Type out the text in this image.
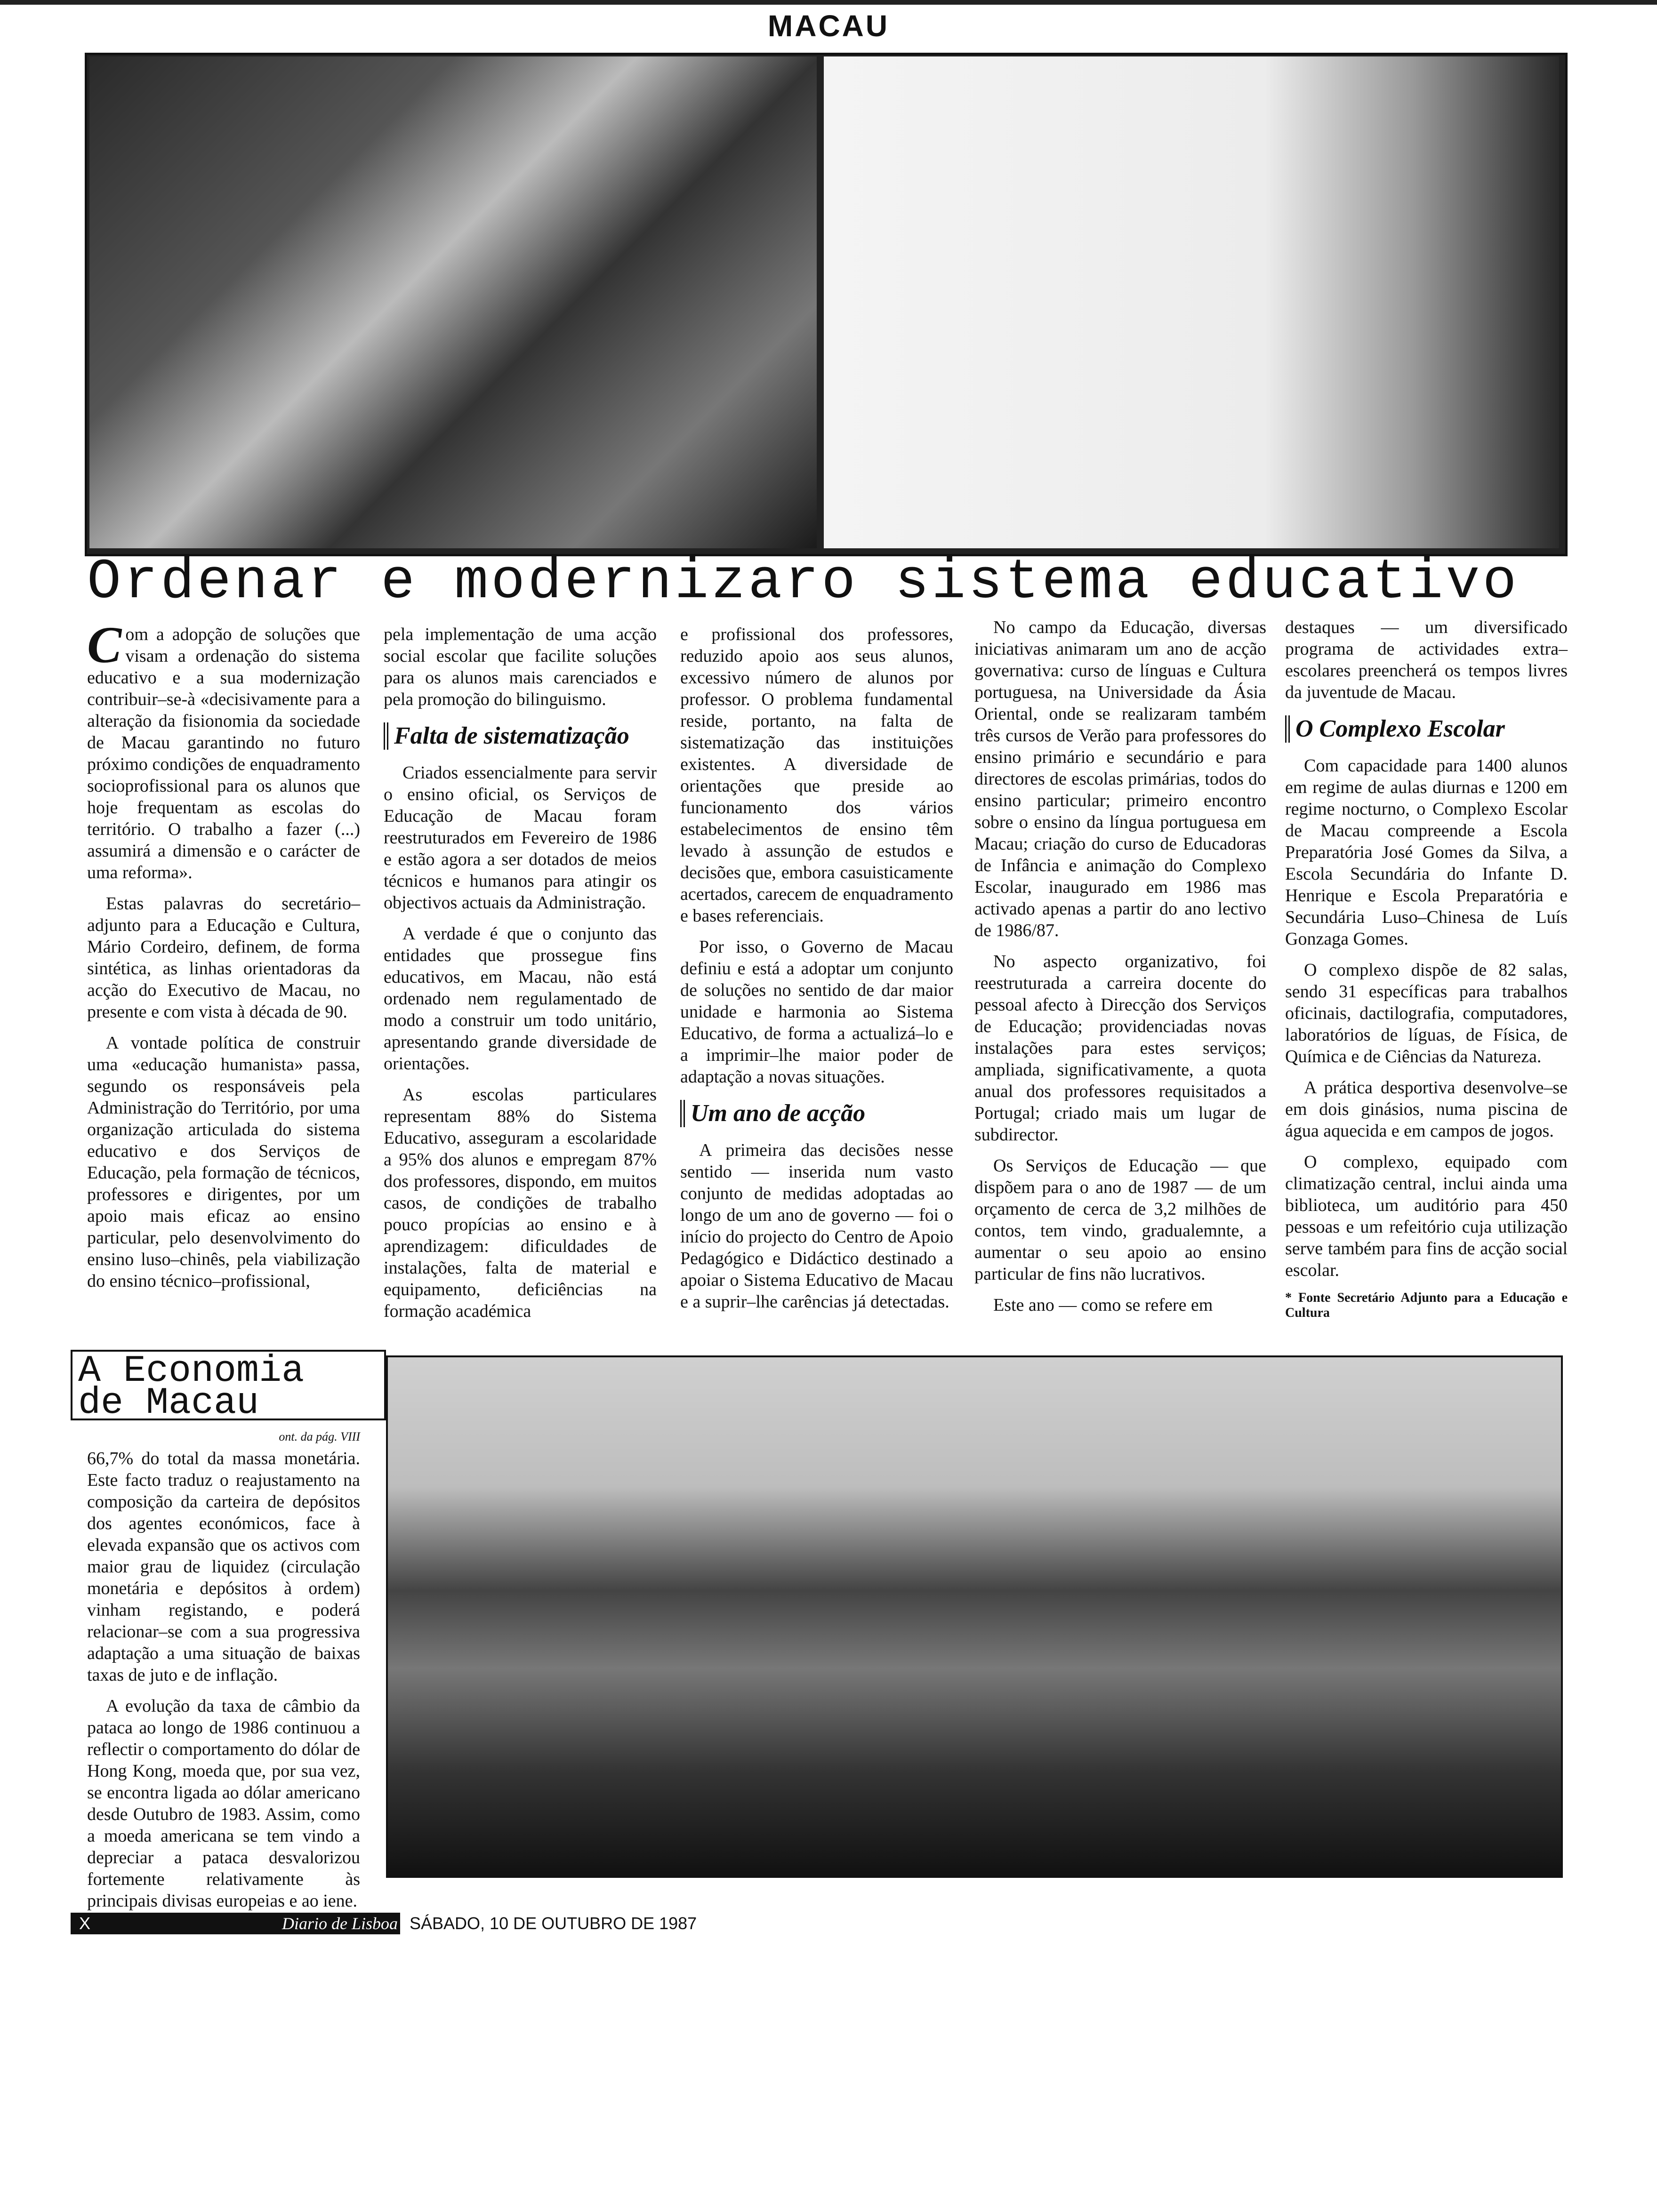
MACAU
Ordenar e modernizaro sistema educativo

Com a adopção de soluções que visam a ordenação do sistema educativo e a sua modernização contribuir–se-à «decisivamente para a alteração da fisionomia da sociedade de Macau garantindo no futuro próximo condições de enquadramento socioprofissional para os alunos que hoje frequentam as escolas do território. O trabalho a fazer (...) assumirá a dimensão e o carácter de uma reforma».

Estas palavras do secretário–adjunto para a Educação e Cultura, Mário Cordeiro, definem, de forma sintética, as linhas orientadoras da acção do Executivo de Macau, no presente e com vista à década de 90.

A vontade política de construir uma «educação humanista» passa, segundo os responsáveis pela Administração do Território, por uma organização articulada do sistema educativo e dos Serviços de Educação, pela formação de técnicos, professores e dirigentes, por um apoio mais eficaz ao ensino particular, pelo desenvolvimento do ensino luso–chinês, pela viabilização do ensino técnico–profissional,

pela implementação de uma acção social escolar que facilite soluções para os alunos mais carenciados e pela promoção do bilinguismo.

Falta de sistematização

Criados essencialmente para servir o ensino oficial, os Serviços de Educação de Macau foram reestruturados em Fevereiro de 1986 e estão agora a ser dotados de meios técnicos e humanos para atingir os objectivos actuais da Administração.

A verdade é que o conjunto das entidades que prossegue fins educativos, em Macau, não está ordenado nem regulamentado de modo a construir um todo unitário, apresentando grande diversidade de orientações.

As escolas particulares representam 88% do Sistema Educativo, asseguram a escolaridade a 95% dos alunos e empregam 87% dos professores, dispondo, em muitos casos, de condições de trabalho pouco propícias ao ensino e à aprendizagem: dificuldades de instalações, falta de material e equipamento, deficiências na formação académica

e profissional dos professores, reduzido apoio aos seus alunos, excessivo número de alunos por professor. O problema fundamental reside, portanto, na falta de sistematização das instituições existentes. A diversidade de orientações que preside ao funcionamento dos vários estabelecimentos de ensino têm levado à assunção de estudos e decisões que, embora casuisticamente acertados, carecem de enquadramento e bases referenciais.

Por isso, o Governo de Macau definiu e está a adoptar um conjunto de soluções no sentido de dar maior unidade e harmonia ao Sistema Educativo, de forma a actualizá–lo e a imprimir–lhe maior poder de adaptação a novas situações.

Um ano de acção

A primeira das decisões nesse sentido — inserida num vasto conjunto de medidas adoptadas ao longo de um ano de governo — foi o início do projecto do Centro de Apoio Pedagógico e Didáctico destinado a apoiar o Sistema Educativo de Macau e a suprir–lhe carências já detectadas.

No campo da Educação, diversas iniciativas animaram um ano de acção governativa: curso de línguas e Cultura portuguesa, na Universidade da Ásia Oriental, onde se realizaram também três cursos de Verão para professores do ensino primário e secundário e para directores de escolas primárias, todos do ensino particular; primeiro encontro sobre o ensino da língua portuguesa em Macau; criação do curso de Educadoras de Infância e animação do Complexo Escolar, inaugurado em 1986 mas activado apenas a partir do ano lectivo de 1986/87.

No aspecto organizativo, foi reestruturada a carreira docente do pessoal afecto à Direcção dos Serviços de Educação; providenciadas novas instalações para estes serviços; ampliada, significativamente, a quota anual dos professores requisitados a Portugal; criado mais um lugar de subdirector.

Os Serviços de Educação — que dispõem para o ano de 1987 — de um orçamento de cerca de 3,2 milhões de contos, tem vindo, gradualemnte, a aumentar o seu apoio ao ensino particular de fins não lucrativos.

Este ano — como se refere em

destaques — um diversificado programa de actividades extra–escolares preencherá os tempos livres da juventude de Macau.

O Complexo Escolar

Com capacidade para 1400 alunos em regime de aulas diurnas e 1200 em regime nocturno, o Complexo Escolar de Macau compreende a Escola Preparatória José Gomes da Silva, a Escola Secundária do Infante D. Henrique e Escola Preparatória e Secundária Luso–Chinesa de Luís Gonzaga Gomes.

O complexo dispõe de 82 salas, sendo 31 específicas para trabalhos oficinais, dactilografia, computadores, laboratórios de líguas, de Física, de Química e de Ciências da Natureza.

A prática desportiva desenvolve–se em dois ginásios, numa piscina de água aquecida e em campos de jogos.

O complexo, equipado com climatização central, inclui ainda uma biblioteca, um auditório para 450 pessoas e um refeitório cuja utilização serve também para fins de acção social escolar.

* Fonte Secretário Adjunto para a Educação e Cultura
A Economia
de Macau
ont. da pág. VIII

66,7% do total da massa monetária. Este facto traduz o reajustamento na composição da carteira de depósitos dos agentes económicos, face à elevada expansão que os activos com maior grau de liquidez (circulação monetária e depósitos à ordem) vinham registando, e poderá relacionar–se com a sua progressiva adaptação a uma situação de baixas taxas de juto e de inflação.

A evolução da taxa de câmbio da pataca ao longo de 1986 continuou a reflectir o comportamento do dólar de Hong Kong, moeda que, por sua vez, se encontra ligada ao dólar americano desde Outubro de 1983. Assim, como a moeda americana se tem vindo a depreciar a pataca desvalorizou fortemente relativamente às principais divisas europeias e ao iene.

X	Diario de Lisboa SÁBADO, 10 DE OUTUBRO DE 1987
